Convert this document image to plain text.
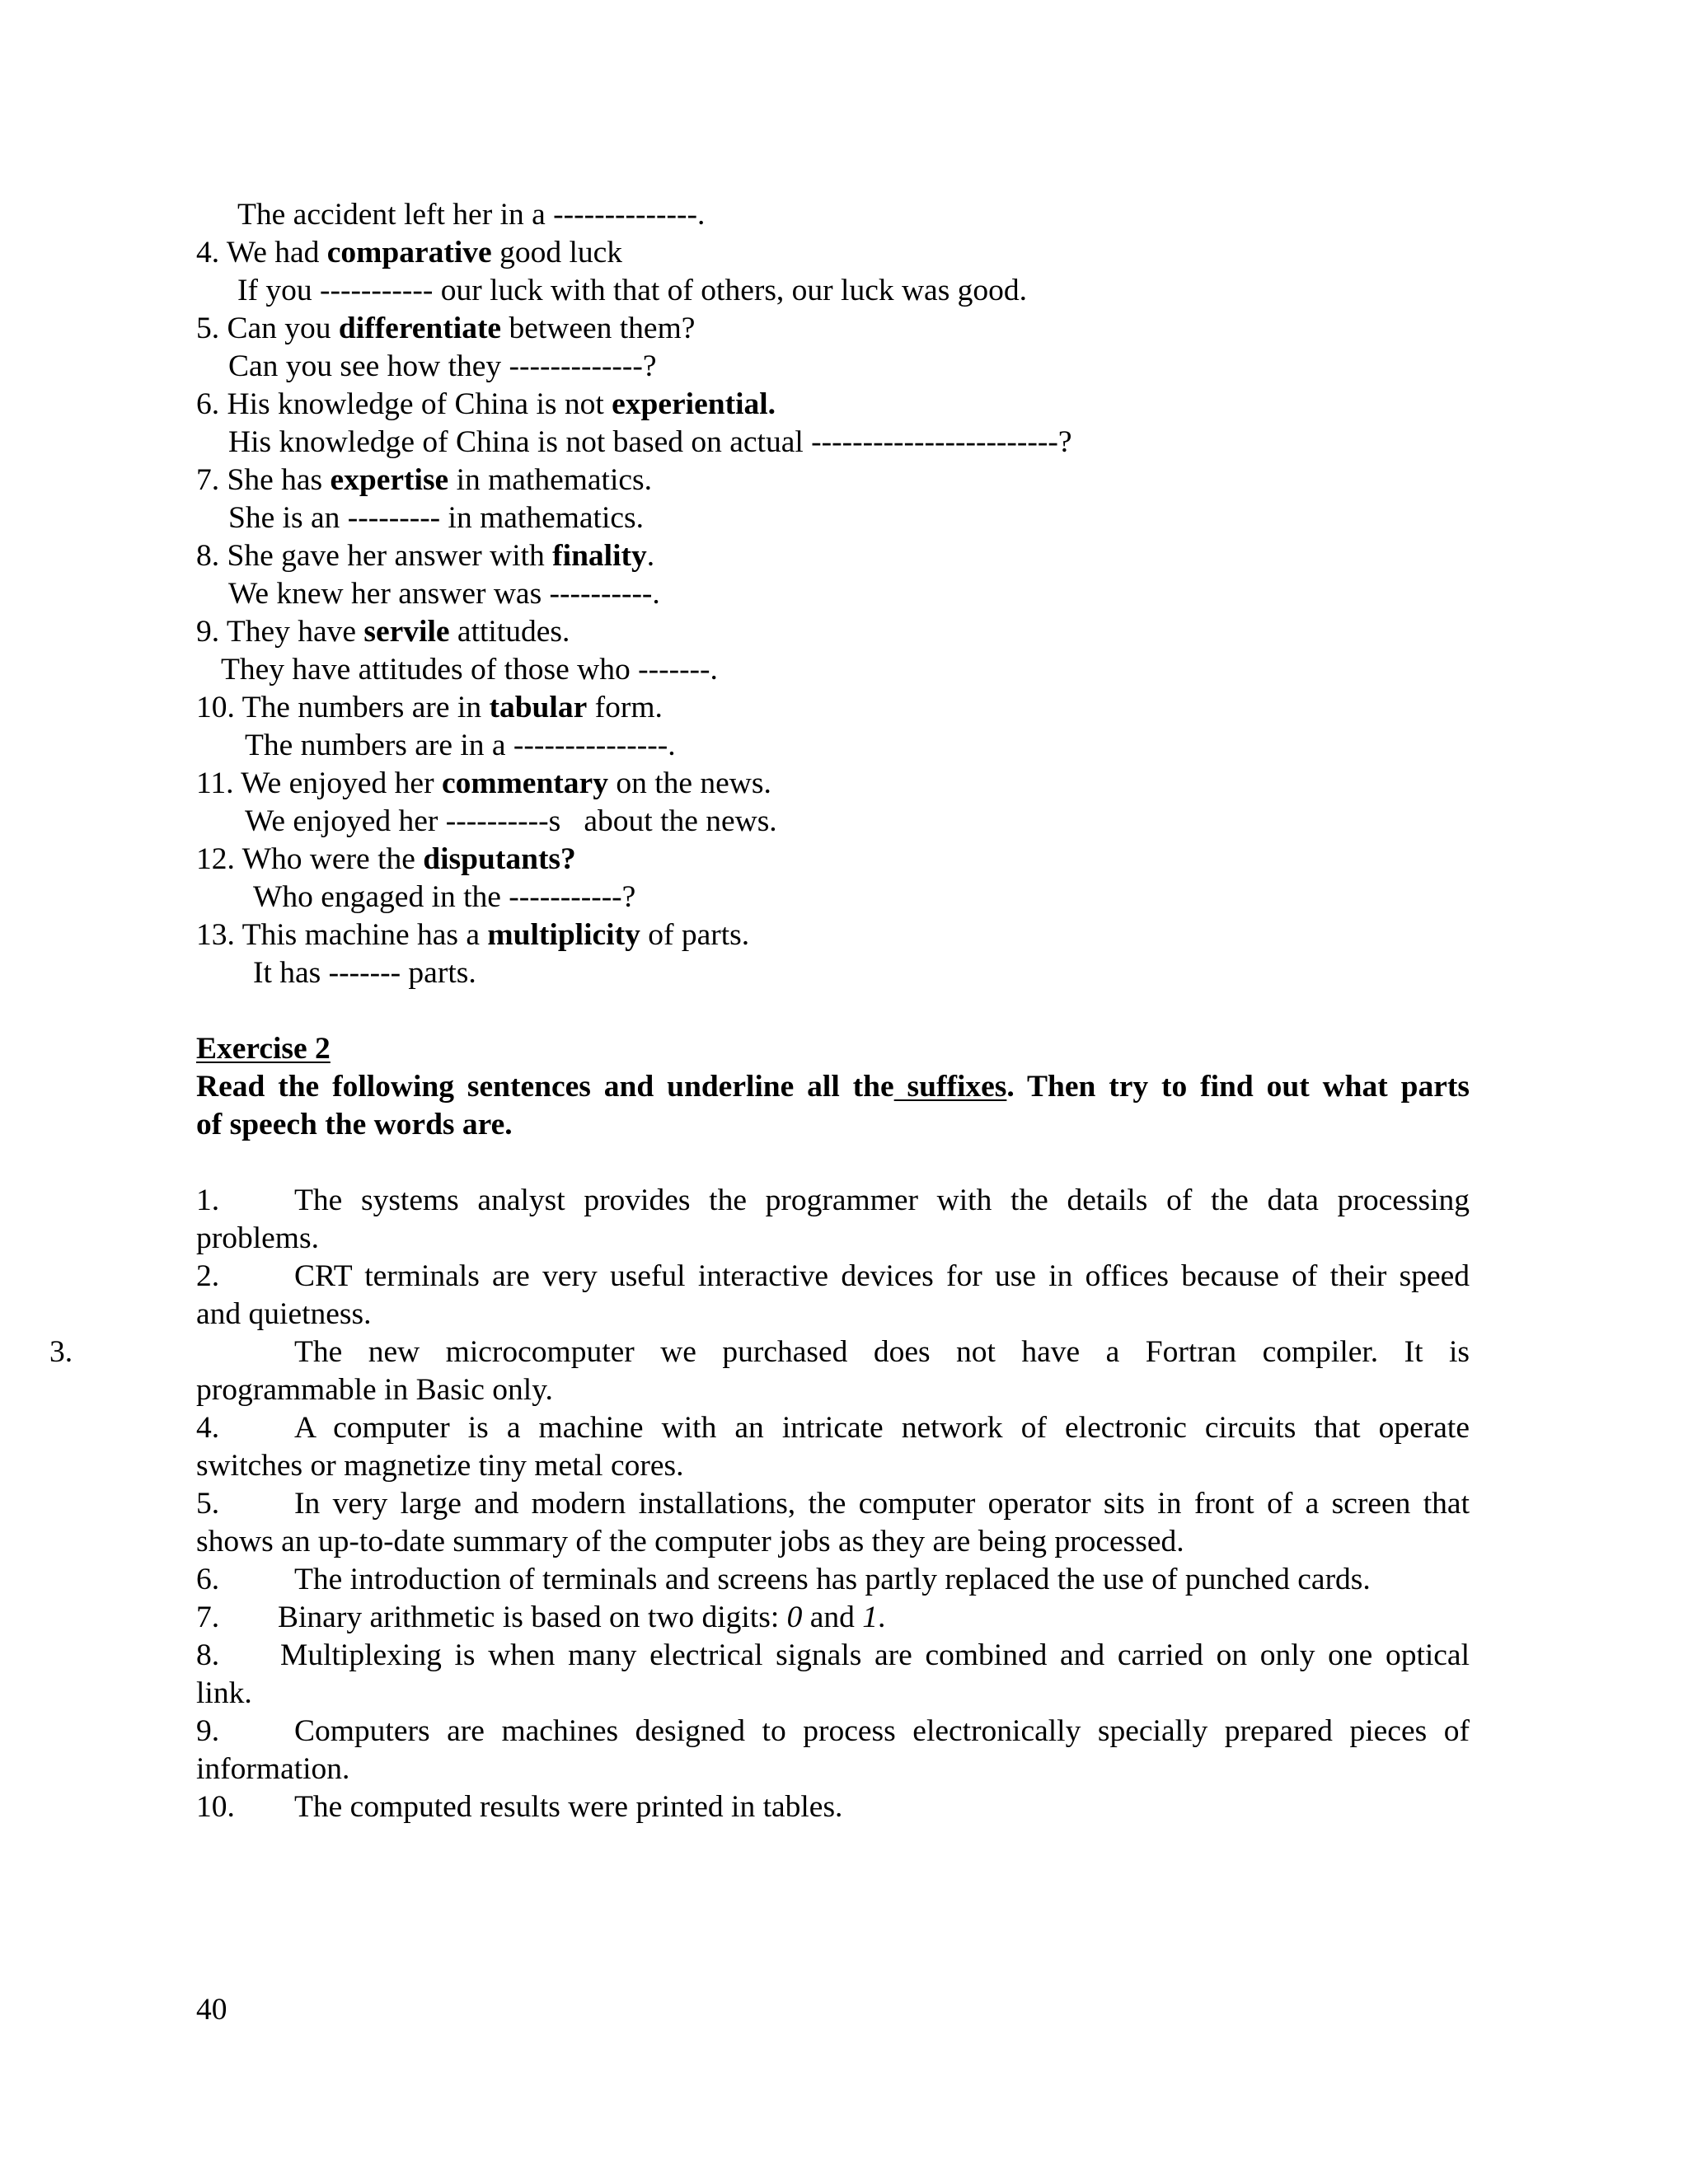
The accident left her in a --------------.
4. We had comparative good luck
If you ----------- our luck with that of others, our luck was good.
5. Can you differentiate between them?
Can you see how they -------------?
6. His knowledge of China is not experiential.
His knowledge of China is not based on actual ------------------------?
7. She has expertise in mathematics.
She is an --------- in mathematics.
8. She gave her answer with finality.
We knew her answer was ----------.
9. They have servile attitudes.
They have attitudes of those who -------.
10. The numbers are in tabular form.
The numbers are in a ---------------.
11. We enjoyed her commentary on the news.
We enjoyed her ----------s   about the news.
12. Who were the disputants?
Who engaged in the -----------?
13. This machine has a multiplicity of parts.
It has ------- parts.
Exercise 2
Read the following sentences and underline all the suffixes. Then try to find out what parts
of speech the words are.
1. The systems analyst provides the programmer with the details of the data processing
problems.
2. CRT terminals are very useful interactive devices for use in offices because of their speed
and quietness.
3.	The new microcomputer we purchased does not have a Fortran compiler. It is
programmable in Basic only.
4. A computer is a machine with an intricate network of electronic circuits that operate
switches or magnetize tiny metal cores.
5. In very large and modern installations, the computer operator sits in front of a screen that
shows an up-to-date summary of the computer jobs as they are being processed.
6. The introduction of terminals and screens has partly replaced the use of punched cards.
7. Binary arithmetic is based on two digits: 0 and 1.
8. Multiplexing is when many electrical signals are combined and carried on only one optical
link.
9. Computers are machines designed to process electronically specially prepared pieces of
information.
10. The computed results were printed in tables.
40
